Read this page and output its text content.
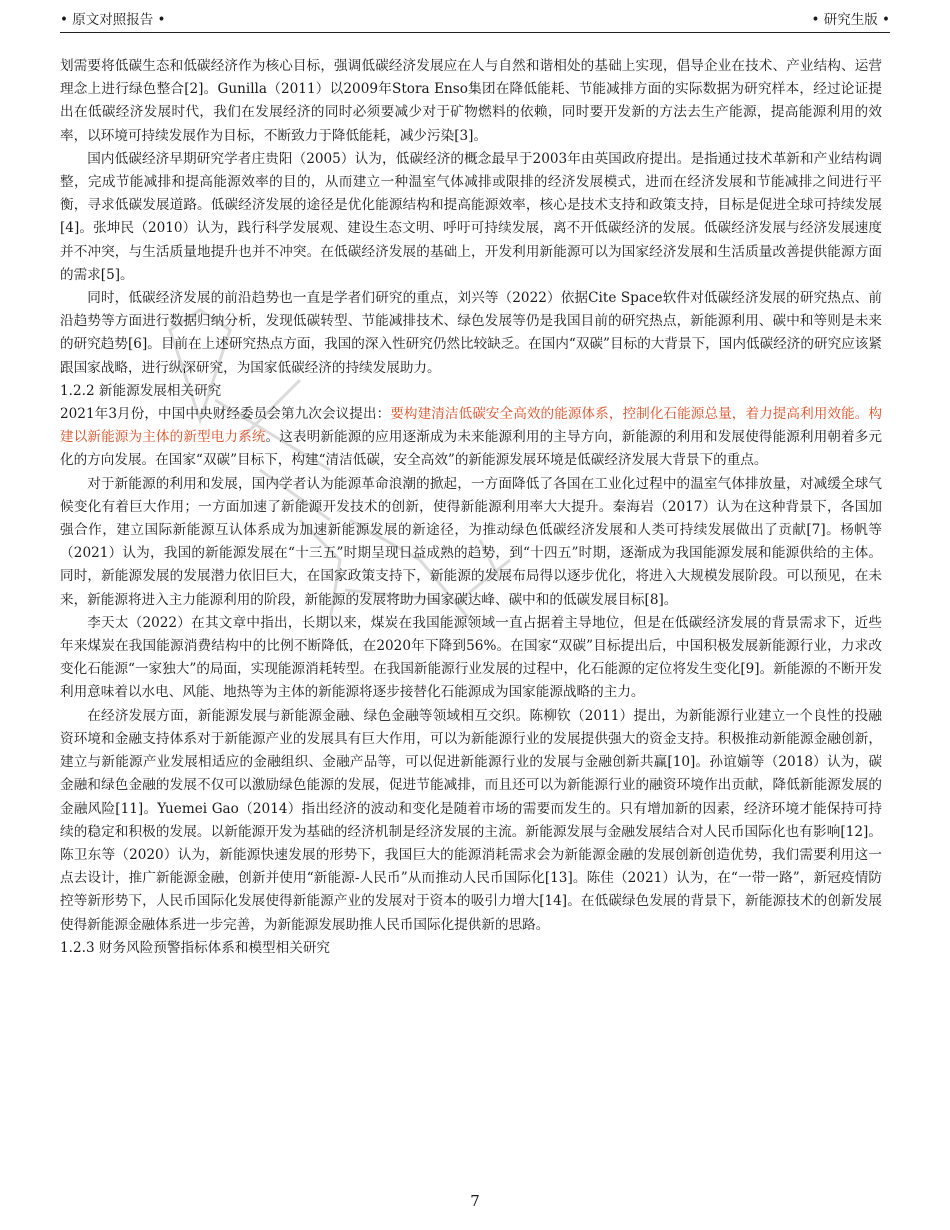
• 原文对照报告 •	• 研究生版 •

划需要将低碳生态和低碳经济作为核心目标，强调低碳经济发展应在人与自然和谐相处的基础上实现，倡导企业在技术、产业结构、运营理念上进行绿色整合[2]。Gunilla（2011）以2009年Stora Enso集团在降低能耗、节能减排方面的实际数据为研究样本，经过论证提出在低碳经济发展时代，我们在发展经济的同时必须要减少对于矿物燃料的依赖，同时要开发新的方法去生产能源，提高能源利用的效率，以环境可持续发展作为目标，不断致力于降低能耗，减少污染[3]。

国内低碳经济早期研究学者庄贵阳（2005）认为，低碳经济的概念最早于2003年由英国政府提出。是指通过技术革新和产业结构调整，完成节能减排和提高能源效率的目的，从而建立一种温室气体减排或限排的经济发展模式，进而在经济发展和节能减排之间进行平衡，寻求低碳发展道路。低碳经济发展的途径是优化能源结构和提高能源效率，核心是技术支持和政策支持，目标是促进全球可持续发展[4]。张坤民（2010）认为，践行科学发展观、建设生态文明、呼吁可持续发展，离不开低碳经济的发展。低碳经济发展与经济发展速度并不冲突，与生活质量地提升也并不冲突。在低碳经济发展的基础上，开发利用新能源可以为国家经济发展和生活质量改善提供能源方面的需求[5]。

同时，低碳经济发展的前沿趋势也一直是学者们研究的重点，刘兴等（2022）依据Cite Space软件对低碳经济发展的研究热点、前沿趋势等方面进行数据归纳分析，发现低碳转型、节能减排技术、绿色发展等仍是我国目前的研究热点，新能源利用、碳中和等则是未来的研究趋势[6]。目前在上述研究热点方面，我国的深入性研究仍然比较缺乏。在国内“双碳”目标的大背景下，国内低碳经济的研究应该紧跟国家战略，进行纵深研究，为国家低碳经济的持续发展助力。

1.2.2 新能源发展相关研究

2021年3月份，中国中央财经委员会第九次会议提出：要构建清洁低碳安全高效的能源体系，控制化石能源总量，着力提高利用效能。构建以新能源为主体的新型电力系统。这表明新能源的应用逐渐成为未来能源利用的主导方向，新能源的利用和发展使得能源利用朝着多元化的方向发展。在国家“双碳”目标下，构建“清洁低碳，安全高效”的新能源发展环境是低碳经济发展大背景下的重点。

对于新能源的利用和发展，国内学者认为能源革命浪潮的掀起，一方面降低了各国在工业化过程中的温室气体排放量，对减缓全球气候变化有着巨大作用；一方面加速了新能源开发技术的创新，使得新能源利用率大大提升。秦海岩（2017）认为在这种背景下，各国加强合作，建立国际新能源互认体系成为加速新能源发展的新途径，为推动绿色低碳经济发展和人类可持续发展做出了贡献[7]。杨帆等（2021）认为，我国的新能源发展在“十三五”时期呈现日益成熟的趋势，到“十四五”时期，逐渐成为我国能源发展和能源供给的主体。同时，新能源发展的发展潜力依旧巨大，在国家政策支持下，新能源的发展布局得以逐步优化，将进入大规模发展阶段。可以预见，在未来，新能源将进入主力能源利用的阶段，新能源的发展将助力国家碳达峰、碳中和的低碳发展目标[8]。

李天太（2022）在其文章中指出，长期以来，煤炭在我国能源领域一直占据着主导地位，但是在低碳经济发展的背景需求下，近些年来煤炭在我国能源消费结构中的比例不断降低，在2020年下降到56%。在国家“双碳”目标提出后，中国积极发展新能源行业，力求改变化石能源“一家独大”的局面，实现能源消耗转型。在我国新能源行业发展的过程中，化石能源的定位将发生变化[9]。新能源的不断开发利用意味着以水电、风能、地热等为主体的新能源将逐步接替化石能源成为国家能源战略的主力。

在经济发展方面，新能源发展与新能源金融、绿色金融等领域相互交织。陈柳钦（2011）提出，为新能源行业建立一个良性的投融资环境和金融支持体系对于新能源产业的发展具有巨大作用，可以为新能源行业的发展提供强大的资金支持。积极推动新能源金融创新，建立与新能源产业发展相适应的金融组织、金融产品等，可以促进新能源行业的发展与金融创新共赢[10]。孙谊媊等（2018）认为，碳金融和绿色金融的发展不仅可以激励绿色能源的发展，促进节能减排，而且还可以为新能源行业的融资环境作出贡献，降低新能源发展的金融风险[11]。Yuemei Gao（2014）指出经济的波动和变化是随着市场的需要而发生的。只有增加新的因素，经济环境才能保持可持续的稳定和积极的发展。以新能源开发为基础的经济机制是经济发展的主流。新能源发展与金融发展结合对人民币国际化也有影响[12]。陈卫东等（2020）认为，新能源快速发展的形势下，我国巨大的能源消耗需求会为新能源金融的发展创新创造优势，我们需要利用这一点去设计，推广新能源金融，创新并使用“新能源-人民币”从而推动人民币国际化[13]。陈佳（2021）认为，在“一带一路”，新冠疫情防控等新形势下，人民币国际化发展使得新能源产业的发展对于资本的吸引力增大[14]。在低碳绿色发展的背景下，新能源技术的创新发展使得新能源金融体系进一步完善，为新能源发展助推人民币国际化提供新的思路。

1.2.3 财务风险预警指标体系和模型相关研究

7
